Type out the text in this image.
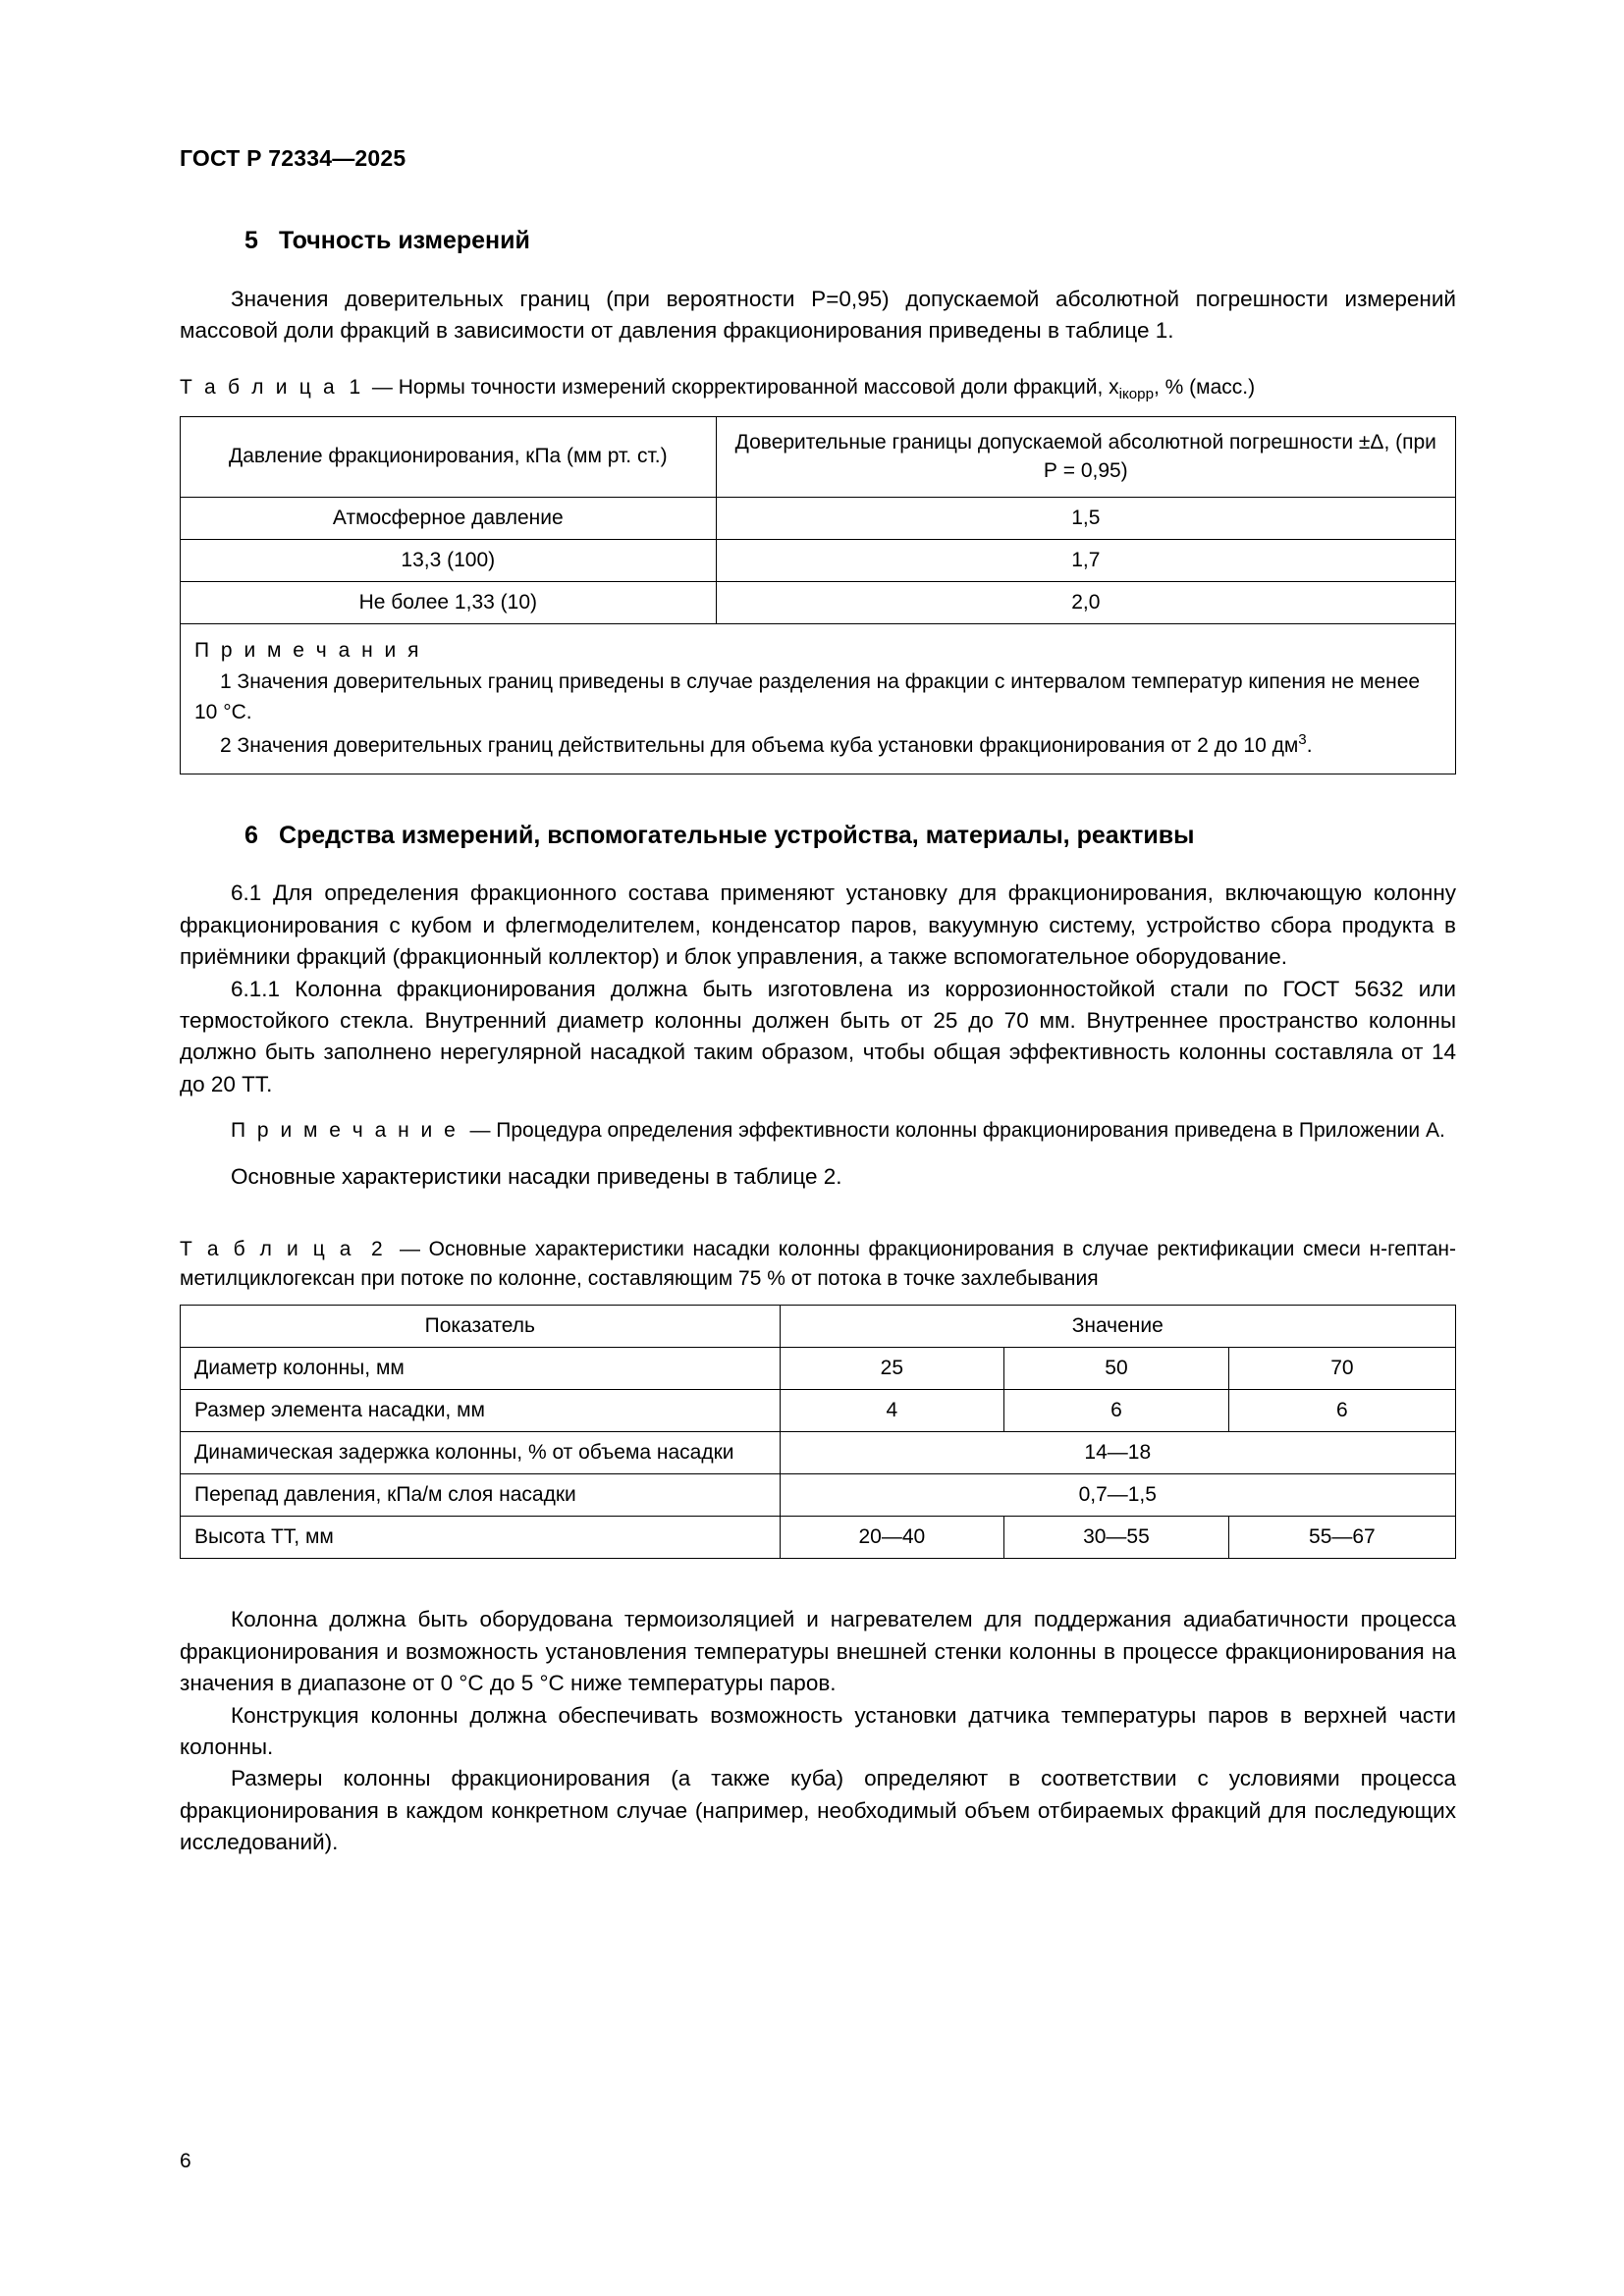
ГОСТ Р 72334—2025
5 Точность измерений

Значения доверительных границ (при вероятности Р=0,95) допускаемой абсолютной погрешности измерений массовой доли фракций в зависимости от давления фракционирования приведены в таблице 1.

Т а б л и ц а 1 — Нормы точности измерений скорректированной массовой доли фракций, $x_{iкорр}$, % (масс.)
Давление фракционирования, кПа (мм рт. ст.)	Доверительные границы допускаемой абсолютной погрешности ±Δ, (при Р = 0,95)
Атмосферное давление	1,5
13,3 (100)	1,7
Не более 1,33 (10)	2,0

П р и м е ч а н и я
1 Значения доверительных границ приведены в случае разделения на фракции с интервалом температур кипения не менее 10 °С.
2 Значения доверительных границ действительны для объема куба установки фракционирования от 2 до 10 $дм^3$.	
6 Средства измерений, вспомогательные устройства, материалы, реактивы

6.1 Для определения фракционного состава применяют установку для фракционирования, включающую колонну фракционирования с кубом и флегмоделителем, конденсатор паров, вакуумную систему, устройство сбора продукта в приёмники фракций (фракционный коллектор) и блок управления, а также вспомогательное оборудование.

6.1.1 Колонна фракционирования должна быть изготовлена из коррозионностойкой стали по ГОСТ 5632 или термостойкого стекла. Внутренний диаметр колонны должен быть от 25 до 70 мм. Внутреннее пространство колонны должно быть заполнено нерегулярной насадкой таким образом, чтобы общая эффективность колонны составляла от 14 до 20 ТТ.

П р и м е ч а н и е — Процедура определения эффективности колонны фракционирования приведена в Приложении А.

Основные характеристики насадки приведены в таблице 2.

Т а б л и ц а 2 — Основные характеристики насадки колонны фракционирования в случае ректификации смеси н-гептан-метилциклогексан при потоке по колонне, составляющим 75 % от потока в точке захлебывания
Показатель	Значение		
Диаметр колонны, мм	25	50	70
Размер элемента насадки, мм	4	6	6
Динамическая задержка колонны, % от объема насадки	14—18		
Перепад давления, кПа/м слоя насадки	0,7—1,5		
Высота ТТ, мм	20—40	30—55	55—67

Колонна должна быть оборудована термоизоляцией и нагревателем для поддержания адиабатичности процесса фракционирования и возможность установления температуры внешней стенки колонны в процессе фракционирования на значения в диапазоне от 0 °С до 5 °С ниже температуры паров.

Конструкция колонны должна обеспечивать возможность установки датчика температуры паров в верхней части колонны.

Размеры колонны фракционирования (а также куба) определяют в соответствии с условиями процесса фракционирования в каждом конкретном случае (например, необходимый объем отбираемых фракций для последующих исследований).

6
